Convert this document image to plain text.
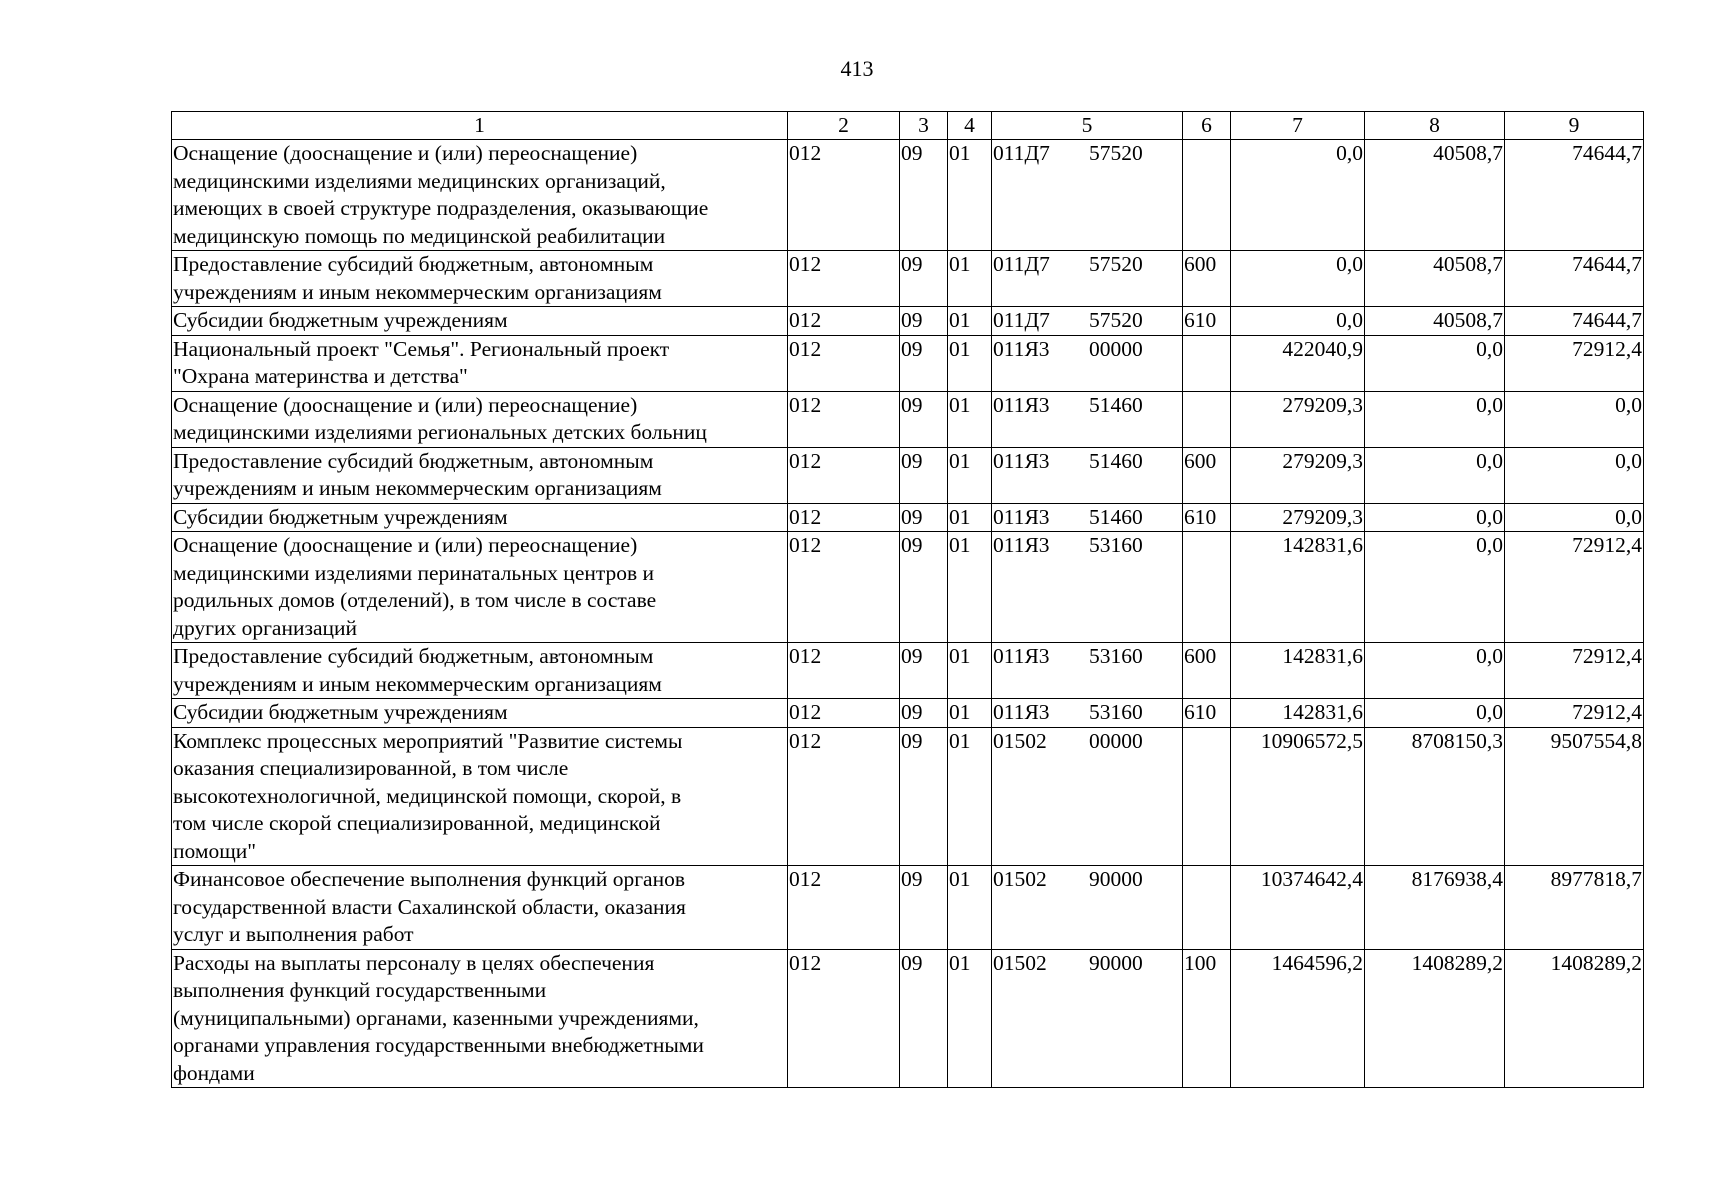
413
1	2	3	4	5	6	7	8	9

Оснащение (дооснащение и (или) переоснащение)
медицинскими изделиями медицинских организаций,
имеющих в своей структуре подразделения, оказывающие
медицинскую помощь по медицинской реабилитации	012	09	01	011Д7 57520		0,0	40508,7	74644,7

Предоставление субсидий бюджетным, автономным
учреждениям и иным некоммерческим организациям	012	09	01	011Д7 57520	600	0,0	40508,7	74644,7

Субсидии бюджетным учреждениям	012	09	01	011Д7 57520	610	0,0	40508,7	74644,7

Национальный проект "Семья". Региональный проект
"Охрана материнства и детства"	012	09	01	011Я3 00000		422040,9	0,0	72912,4

Оснащение (дооснащение и (или) переоснащение)
медицинскими изделиями региональных детских больниц	012	09	01	011Я3 51460		279209,3	0,0	0,0

Предоставление субсидий бюджетным, автономным
учреждениям и иным некоммерческим организациям	012	09	01	011Я3 51460	600	279209,3	0,0	0,0

Субсидии бюджетным учреждениям	012	09	01	011Я3 51460	610	279209,3	0,0	0,0

Оснащение (дооснащение и (или) переоснащение)
медицинскими изделиями перинатальных центров и
родильных домов (отделений), в том числе в составе
других организаций	012	09	01	011Я3 53160		142831,6	0,0	72912,4

Предоставление субсидий бюджетным, автономным
учреждениям и иным некоммерческим организациям	012	09	01	011Я3 53160	600	142831,6	0,0	72912,4

Субсидии бюджетным учреждениям	012	09	01	011Я3 53160	610	142831,6	0,0	72912,4

Комплекс процессных мероприятий "Развитие системы
оказания специализированной, в том числе
высокотехнологичной, медицинской помощи, скорой, в
том числе скорой специализированной, медицинской
помощи"	012	09	01	01502 00000		10906572,5	8708150,3	9507554,8

Финансовое обеспечение выполнения функций органов
государственной власти Сахалинской области, оказания
услуг и выполнения работ	012	09	01	01502 90000		10374642,4	8176938,4	8977818,7

Расходы на выплаты персоналу в целях обеспечения
выполнения функций государственными
(муниципальными) органами, казенными учреждениями,
органами управления государственными внебюджетными
фондами	012	09	01	01502 90000	100	1464596,2	1408289,2	1408289,2
